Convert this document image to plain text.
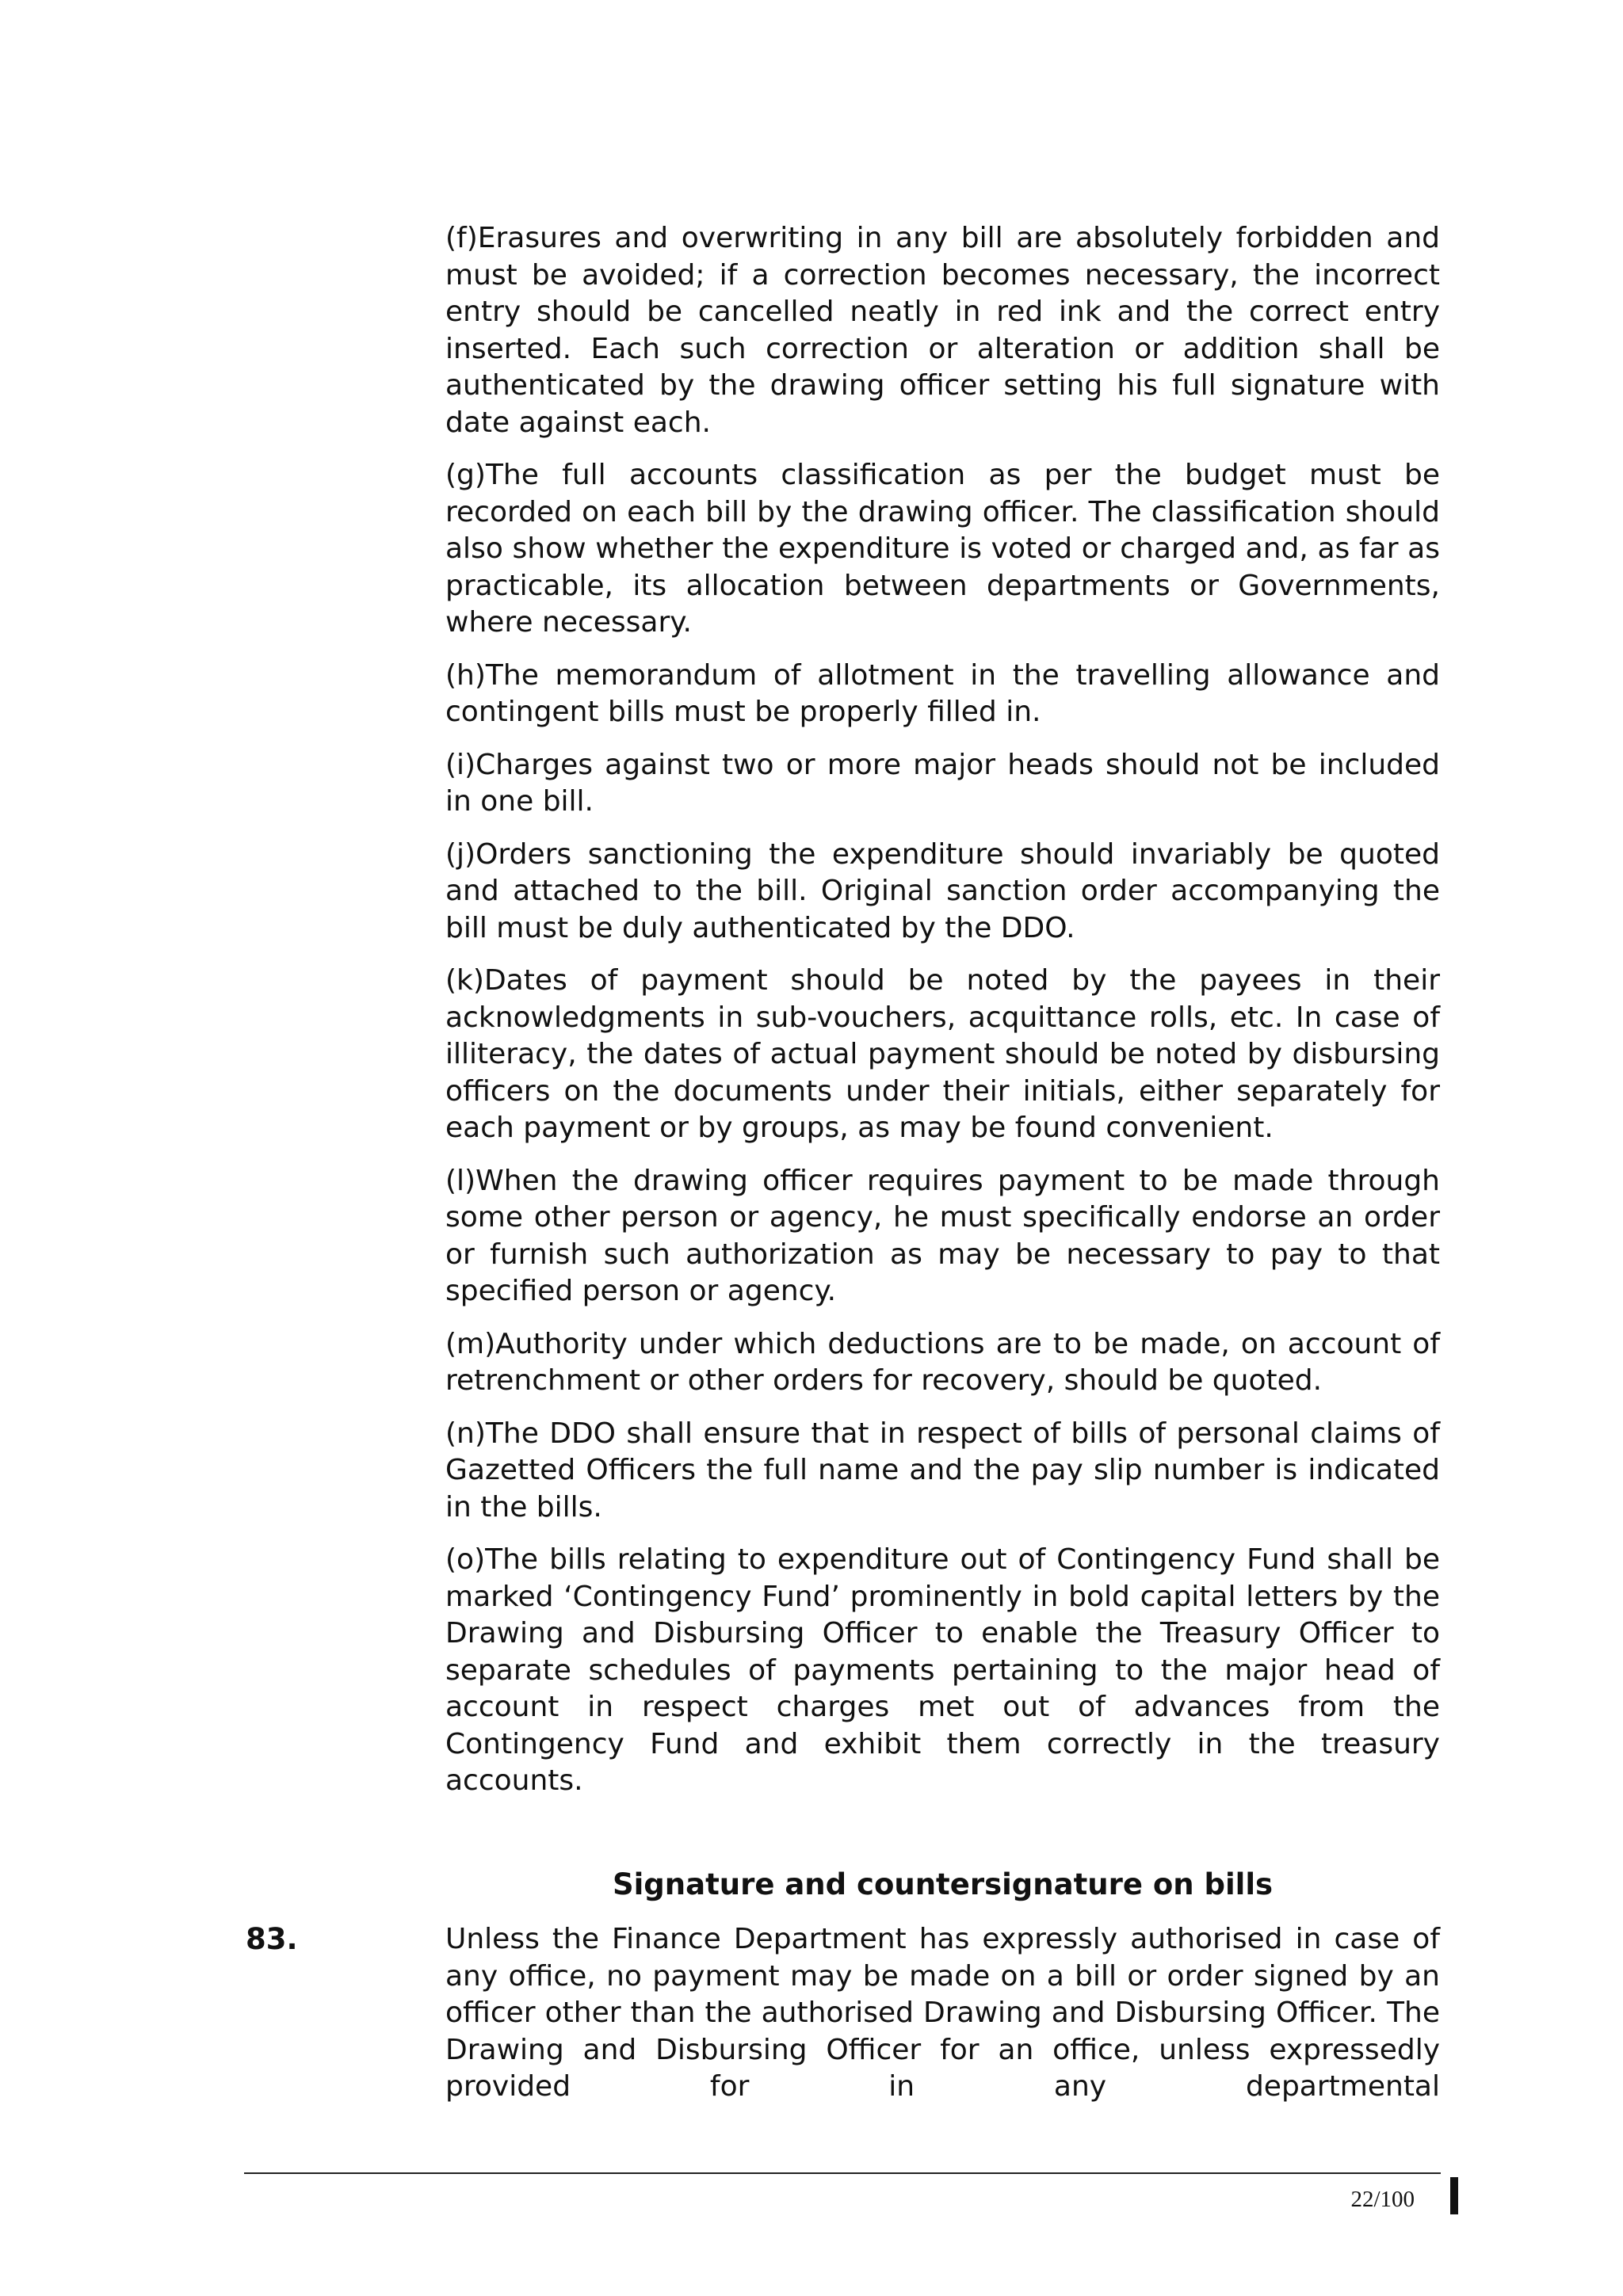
(f)Erasures and overwriting in any bill are absolutely forbidden and must be avoided; if a correction becomes necessary, the incorrect entry should be cancelled neatly in red ink and the correct entry inserted. Each such correction or alteration or addition shall be authenticated by the drawing officer setting his full signature with date against each.

(g)The full accounts classification as per the budget must be recorded on each bill by the drawing officer. The classification should also show whether the expenditure is voted or charged and, as far as practicable, its allocation between departments or Governments, where necessary.

(h)The memorandum of allotment in the travelling allowance and contingent bills must be properly filled in.

(i)Charges against two or more major heads should not be included in one bill.

(j)Orders sanctioning the expenditure should invariably be quoted and attached to the bill. Original sanction order accompanying the bill must be duly authenticated by the DDO.

(k)Dates of payment should be noted by the payees in their acknowledgments in sub-vouchers, acquittance rolls, etc. In case of illiteracy, the dates of actual payment should be noted by disbursing officers on the documents under their initials, either separately for each payment or by groups, as may be found convenient.

(l)When the drawing officer requires payment to be made through some other person or agency, he must specifically endorse an order or furnish such authorization as may be necessary to pay to that specified person or agency.

(m)Authority under which deductions are to be made, on account of retrenchment or other orders for recovery, should be quoted.

(n)The DDO shall ensure that in respect of bills of personal claims of Gazetted Officers the full name and the pay slip number is indicated in the bills.

(o)The bills relating to expenditure out of Contingency Fund shall be marked ‘Contingency Fund’ prominently in bold capital letters by the Drawing and Disbursing Officer to enable the Treasury Officer to separate schedules of payments pertaining to the major head of account in respect charges met out of advances from the Contingency Fund and exhibit them correctly in the treasury accounts.

Signature and countersignature on bills
83.	Unless the Finance Department has expressly authorised in case of any office, no payment may be made on a bill or order signed by an officer other than the authorised Drawing and Disbursing Officer. The Drawing and Disbursing Officer for an office, unless expressedly provided for in any departmental

22/100
